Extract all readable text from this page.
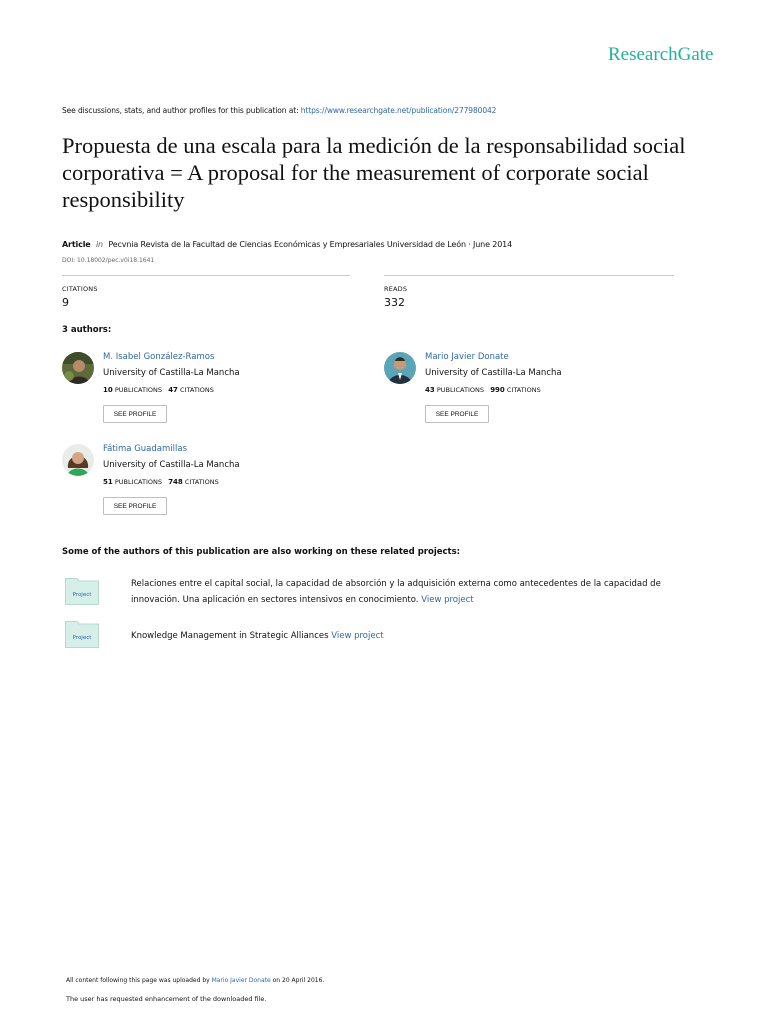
ResearchGate
See discussions, stats, and author profiles for this publication at: https://www.researchgate.net/publication/277980042
Propuesta de una escala para la medición de la responsabilidad social corporativa = A proposal for the measurement of corporate social responsibility
Article in Pecvnia Revista de la Facultad de Ciencias Económicas y Empresariales Universidad de León · June 2014
DOI: 10.18002/pec.v0i18.1641
CITATIONS
9
READS
332
3 authors:
M. Isabel González-Ramos
University of Castilla-La Mancha
10 PUBLICATIONS 47 CITATIONS
SEE PROFILE
Mario Javier Donate
University of Castilla-La Mancha
43 PUBLICATIONS 990 CITATIONS
SEE PROFILE
Fátima Guadamillas
University of Castilla-La Mancha
51 PUBLICATIONS 748 CITATIONS
SEE PROFILE
Some of the authors of this publication are also working on these related projects:
Project
Relaciones entre el capital social, la capacidad de absorción y la adquisición externa como antecedentes de la capacidad de innovación. Una aplicación en sectores intensivos en conocimiento. View project
Project	Knowledge Management in Strategic Alliances View project
All content following this page was uploaded by Mario Javier Donate on 20 April 2016.
The user has requested enhancement of the downloaded file.
